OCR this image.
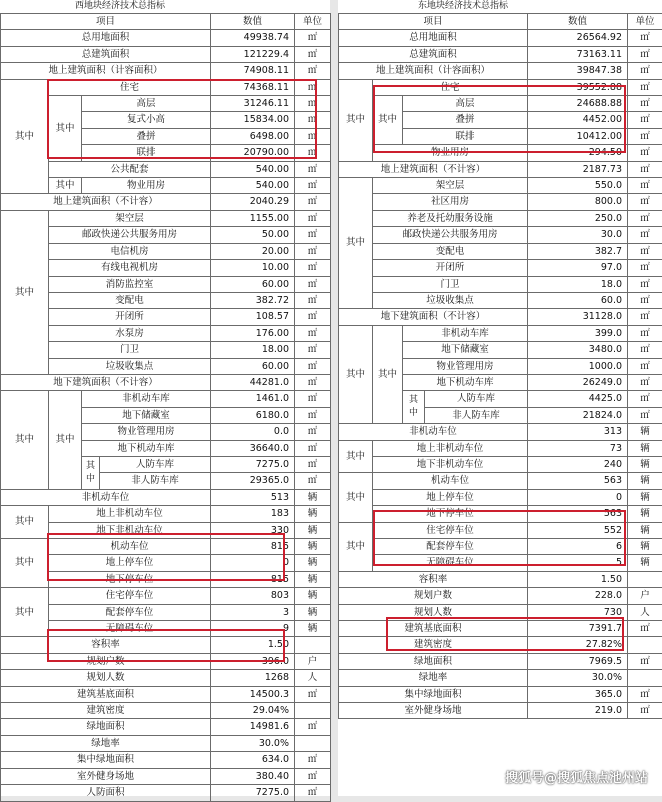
西地块经济技术总指标
项目				数值	单位
总用地面积				49938.74	㎡
总建筑面积				121229.4	㎡
地上建筑面积（计容面积）				74908.11	㎡
其中	住宅			74368.11	㎡
	其中	高层		31246.11	㎡
		复式小高		15834.00	㎡
		叠拼		6498.00	㎡
		联排		20790.00	㎡
	公共配套			540.00	㎡
	其中	物业用房		540.00	㎡
地上建筑面积（不计容）				2040.29	㎡
其中	架空层			1155.00	㎡
	邮政快递公共服务用房			50.00	㎡
	电信机房			20.00	㎡
	有线电视机房			10.00	㎡
	消防监控室			60.00	㎡
	变配电			382.72	㎡
	开闭所			108.57	㎡
	水泵房			176.00	㎡
	门卫			18.00	㎡
	垃圾收集点			60.00	㎡
地下建筑面积（不计容）				44281.0	㎡
其中	其中	非机动车库		1461.0	㎡
		地下储藏室		6180.0	㎡
		物业管理用房		0.0	㎡
		地下机动车库		36640.0	㎡
		其中	人防车库	7275.0	㎡
			非人防车库	29365.0	㎡
非机动车位				513	辆
其中	地上非机动车位			183	辆
	地下非机动车位			330	辆
其中	机动车位			815	辆
	地上停车位			0	辆
	地下停车位			815	辆
其中	住宅停车位			803	辆
	配套停车位			3	辆
	无障碍车位			9	辆
容积率				1.50	
规划户数				396.0	户
规划人数				1268	人
建筑基底面积				14500.3	㎡
建筑密度				29.04%	
绿地面积				14981.6	㎡
绿地率				30.0%	
集中绿地面积				634.0	㎡
室外健身场地				380.40	㎡
人防面积				7275.0	㎡
东地块经济技术总指标
项目				数值	单位
总用地面积				26564.92	㎡
总建筑面积				73163.11	㎡
地上建筑面积（计容面积）				39847.38	㎡
其中	住宅			39552.88	㎡
	其中	高层		24688.88	㎡
		叠拼		4452.00	㎡
		联排		10412.00	㎡
	物业用房			294.50	㎡
地上建筑面积（不计容）				2187.73	㎡
其中	架空层			550.0	㎡
	社区用房			800.0	㎡
	养老及托幼服务设施			250.0	㎡
	邮政快递公共服务用房			30.0	㎡
	变配电			382.7	㎡
	开闭所			97.0	㎡
	门卫			18.0	㎡
	垃圾收集点			60.0	㎡
地下建筑面积（不计容）				31128.0	㎡
其中	其中	非机动车库		399.0	㎡
		地下储藏室		3480.0	㎡
		物业管理用房		1000.0	㎡
		地下机动车库		26249.0	㎡
		其中	人防车库	4425.0	㎡
			非人防车库	21824.0	㎡
非机动车位				313	辆
其中	地上非机动车位			73	辆
	地下非机动车位			240	辆
其中	机动车位			563	辆
	地上停车位			0	辆
	地下停车位			563	辆
其中	住宅停车位			552	辆
	配套停车位			6	辆
	无障碍车位			5	辆
容积率				1.50	
规划户数				228.0	户
规划人数				730	人
建筑基底面积				7391.7	㎡
建筑密度				27.82%	
绿地面积				7969.5	㎡
绿地率				30.0%	
集中绿地面积				365.0	㎡
室外健身场地				219.0	㎡
搜狐号@搜狐焦点池州站
